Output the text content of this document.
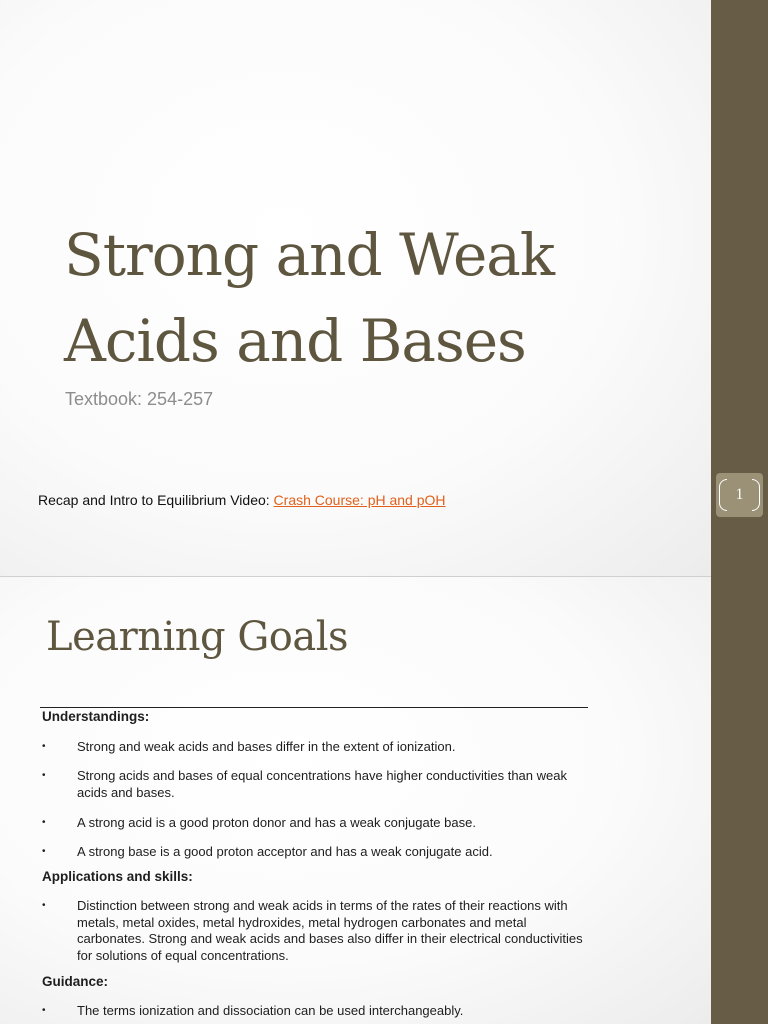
Strong and Weak
Acids and Bases
Textbook: 254-257
Recap and Intro to Equilibrium Video: Crash Course: pH and pOH
Learning Goals
Understandings:
• Strong and weak acids and bases differ in the extent of ionization.
• Strong acids and bases of equal concentrations have higher conductivities than weak acids and bases.
• A strong acid is a good proton donor and has a weak conjugate base.
• A strong base is a good proton acceptor and has a weak conjugate acid.
Applications and skills:
• Distinction between strong and weak acids in terms of the rates of their reactions with metals, metal oxides, metal hydroxides, metal hydrogen carbonates and metal carbonates. Strong and weak acids and bases also differ in their electrical conductivities for solutions of equal concentrations.
Guidance:
• The terms ionization and dissociation can be used interchangeably.
1
